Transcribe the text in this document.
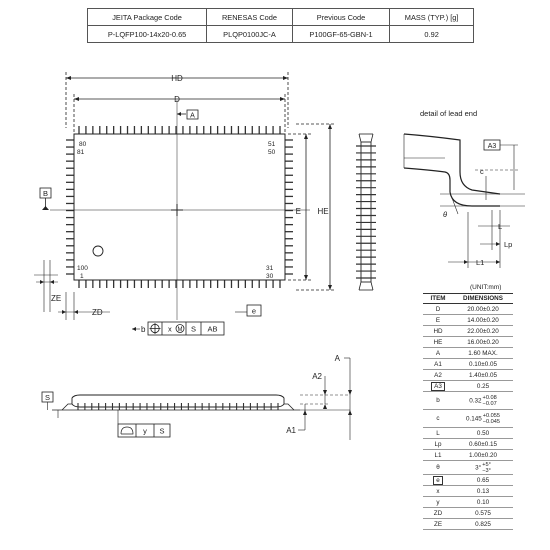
JEITA Package Code	RENESAS Code	Previous Code	MASS (TYP.) [g]
P-LQFP100-14x20-0.65	PLQP0100JC-A	P100GF-65-GBN-1	0.92
HD
D
A
B
E HE
80
81
51
50
100
1
31
30
ZE
ZD
b	x M S AB
e
detail of lead end
A3
c
θ
L
Lp
L1
S
y S
A
A2
A1
(UNIT:mm)
ITEM	DIMENSIONS
D	20.00±0.20
E	14.00±0.20
HD	22.00±0.20
HE	16.00±0.20
A	1.60 MAX.
A1	0.10±0.05
A2	1.40±0.05
A3	0.25
b	0.32 +0.08
−0.07

c	0.145 +0.055
−0.045

L	0.50
Lp	0.60±0.15
L1	1.00±0.20
θ	3° +5°
−3°

e	0.65
x	0.13
y	0.10
ZD	0.575
ZE	0.825
